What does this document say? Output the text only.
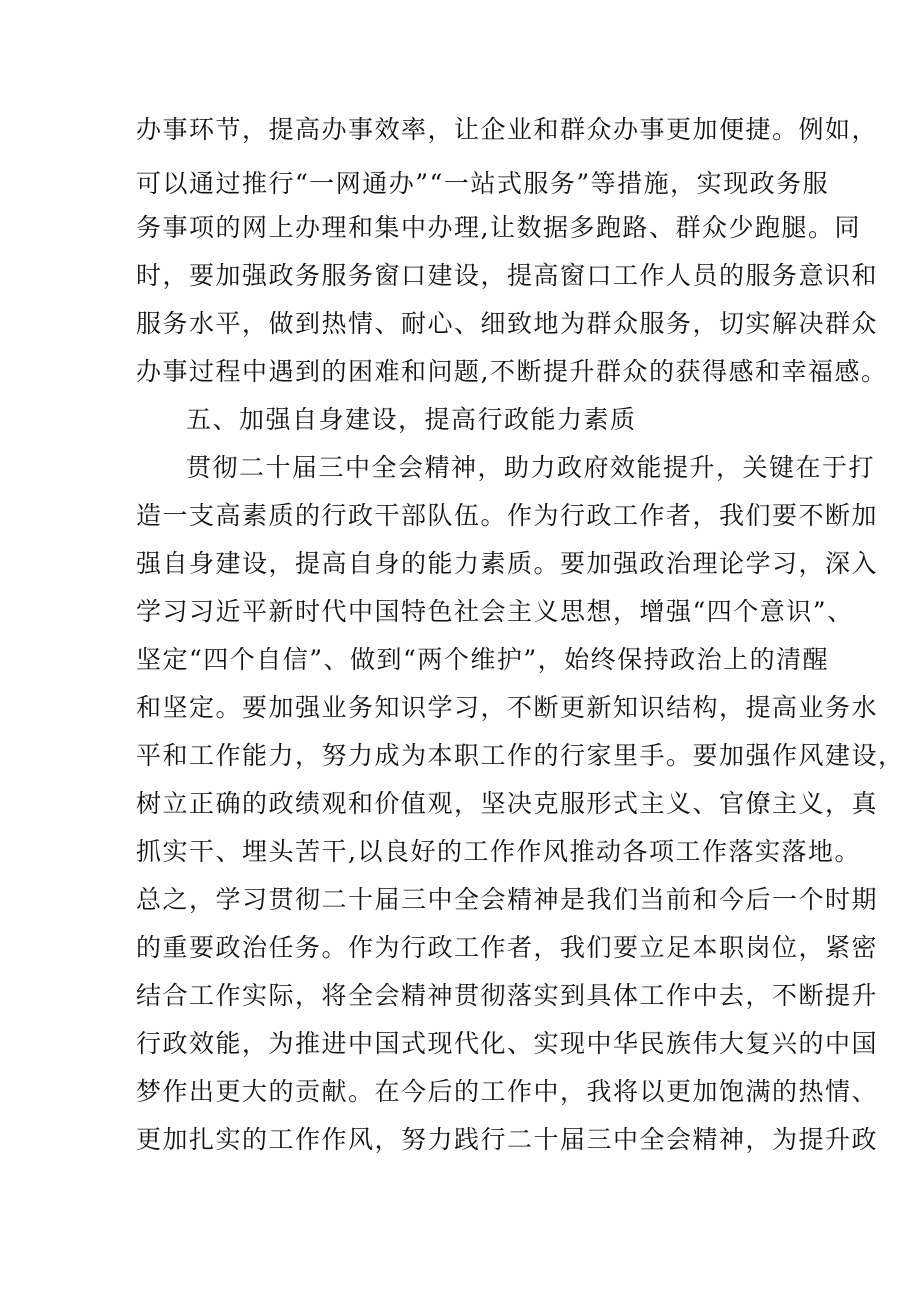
办事环节，提高办事效率，让企业和群众办事更加便捷。例如，
可以通过推行“一网通办”“一站式服务”等措施，实现政务服
务事项的网上办理和集中办理,让数据多跑路、群众少跑腿。同
时，要加强政务服务窗口建设，提高窗口工作人员的服务意识和
服务水平，做到热情、耐心、细致地为群众服务，切实解决群众
办事过程中遇到的困难和问题,不断提升群众的获得感和幸福感。
五、加强自身建设，提高行政能力素质
贯彻二十届三中全会精神，助力政府效能提升，关键在于打
造一支高素质的行政干部队伍。作为行政工作者，我们要不断加
强自身建设，提高自身的能力素质。要加强政治理论学习，深入
学习习近平新时代中国特色社会主义思想，增强“四个意识”、
坚定“四个自信”、做到“两个维护”，始终保持政治上的清醒
和坚定。要加强业务知识学习，不断更新知识结构，提高业务水
平和工作能力，努力成为本职工作的行家里手。要加强作风建设，
树立正确的政绩观和价值观，坚决克服形式主义、官僚主义，真
抓实干、埋头苦干,以良好的工作作风推动各项工作落实落地。
总之，学习贯彻二十届三中全会精神是我们当前和今后一个时期
的重要政治任务。作为行政工作者，我们要立足本职岗位，紧密
结合工作实际，将全会精神贯彻落实到具体工作中去，不断提升
行政效能，为推进中国式现代化、实现中华民族伟大复兴的中国
梦作出更大的贡献。在今后的工作中，我将以更加饱满的热情、
更加扎实的工作作风，努力践行二十届三中全会精神，为提升政
